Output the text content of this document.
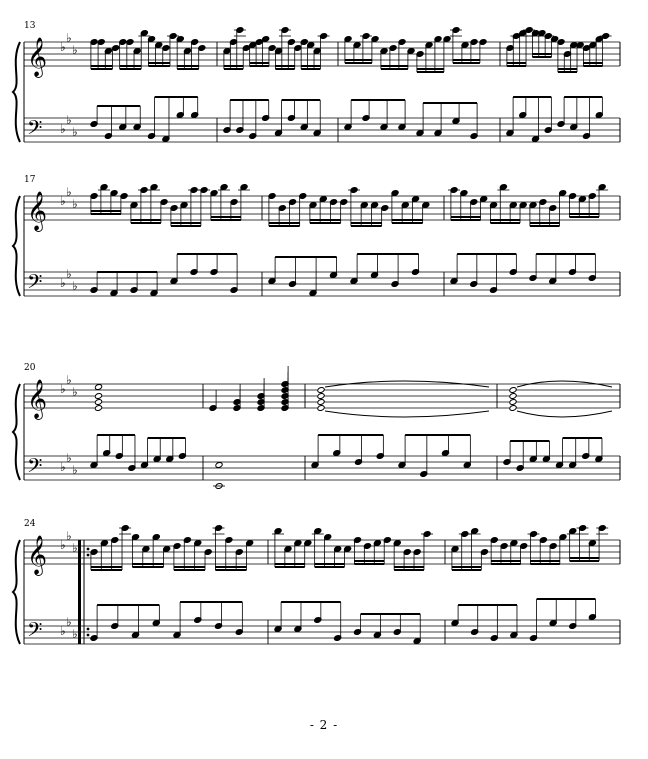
𝄞
𝄢
♭
♭
♭
♭
♭
♭
13
𝄞
𝄢
♭
♭
♭
♭
♭
♭
17
𝄞
𝄢
♭
♭
♭
♭
♭
♭
20
𝄞
𝄢
♭
♭
♭
♭
♭
♭
24
- 2 -
